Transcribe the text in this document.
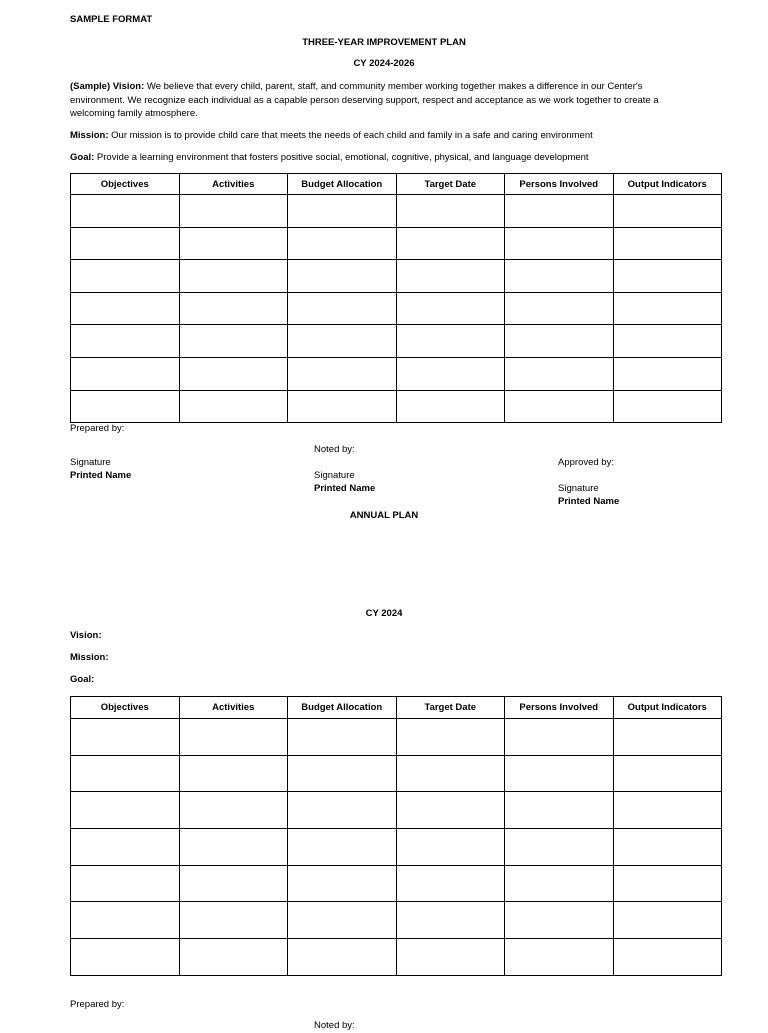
SAMPLE FORMAT
THREE-YEAR IMPROVEMENT PLAN
CY 2024-2026
(Sample) Vision: We believe that every child, parent, staff, and community member working together makes a difference in our Center's environment. We recognize each individual as a capable person deserving support, respect and acceptance as we work together to create a welcoming family atmosphere.
Mission: Our mission is to provide child care that meets the needs of each child and family in a safe and caring environment
Goal: Provide a learning environment that fosters positive social, emotional, cognitive, physical, and language development
Objectives	Activities	Budget Allocation	Target Date	Persons Involved	Output Indicators

Prepared by:
Signature
Printed Name
Noted by:
Signature
Printed Name
Approved by:
Signature
Printed Name
ANNUAL PLAN
CY 2024
Vision:
Mission:
Goal:
Objectives	Activities	Budget Allocation	Target Date	Persons Involved	Output Indicators

Prepared by:
Noted by:
